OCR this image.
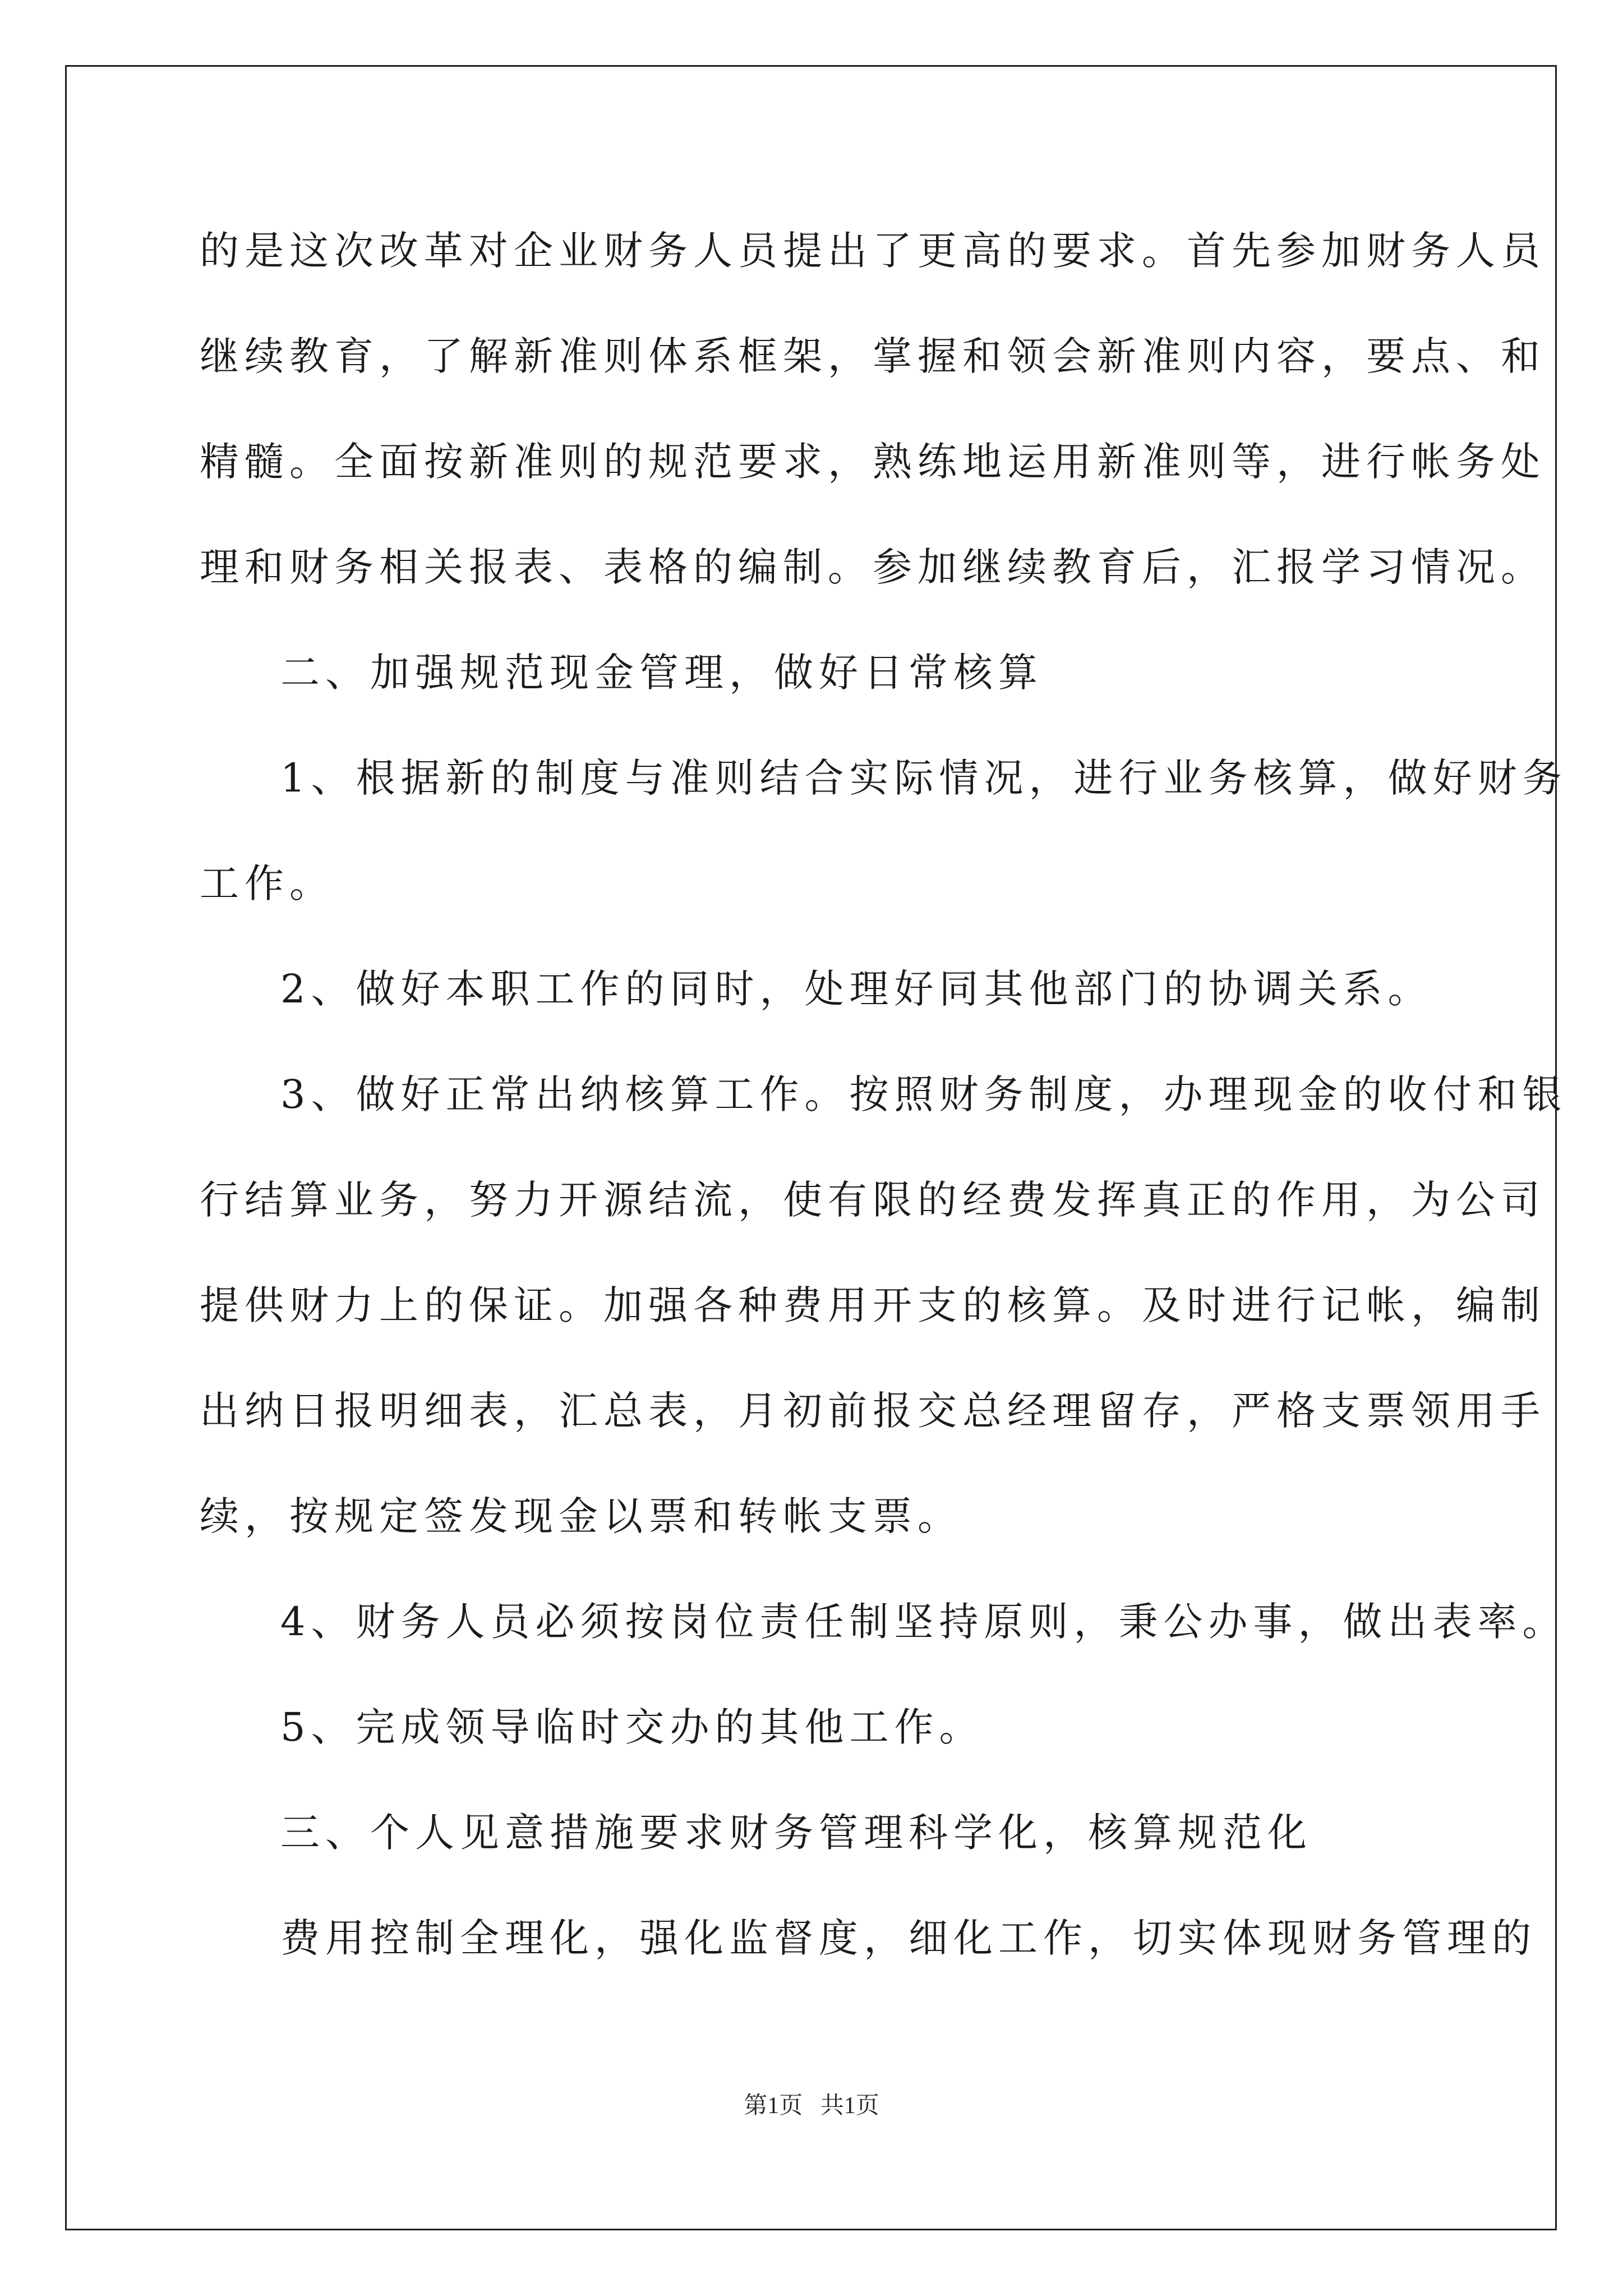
的是这次改革对企业财务人员提出了更高的要求。首先参加财务人员
继续教育，了解新准则体系框架，掌握和领会新准则内容，要点、和
精髓。全面按新准则的规范要求，熟练地运用新准则等，进行帐务处
理和财务相关报表、表格的编制。参加继续教育后，汇报学习情况。
二、加强规范现金管理，做好日常核算
1、根据新的制度与准则结合实际情况，进行业务核算，做好财务
工作。
2、做好本职工作的同时，处理好同其他部门的协调关系。
3、做好正常出纳核算工作。按照财务制度，办理现金的收付和银
行结算业务，努力开源结流，使有限的经费发挥真正的作用，为公司
提供财力上的保证。加强各种费用开支的核算。及时进行记帐，编制
出纳日报明细表，汇总表，月初前报交总经理留存，严格支票领用手
续，按规定签发现金以票和转帐支票。
4、财务人员必须按岗位责任制坚持原则，秉公办事，做出表率。
5、完成领导临时交办的其他工作。
三、个人见意措施要求财务管理科学化，核算规范化
费用控制全理化，强化监督度，细化工作，切实体现财务管理的
第1页   共1页
